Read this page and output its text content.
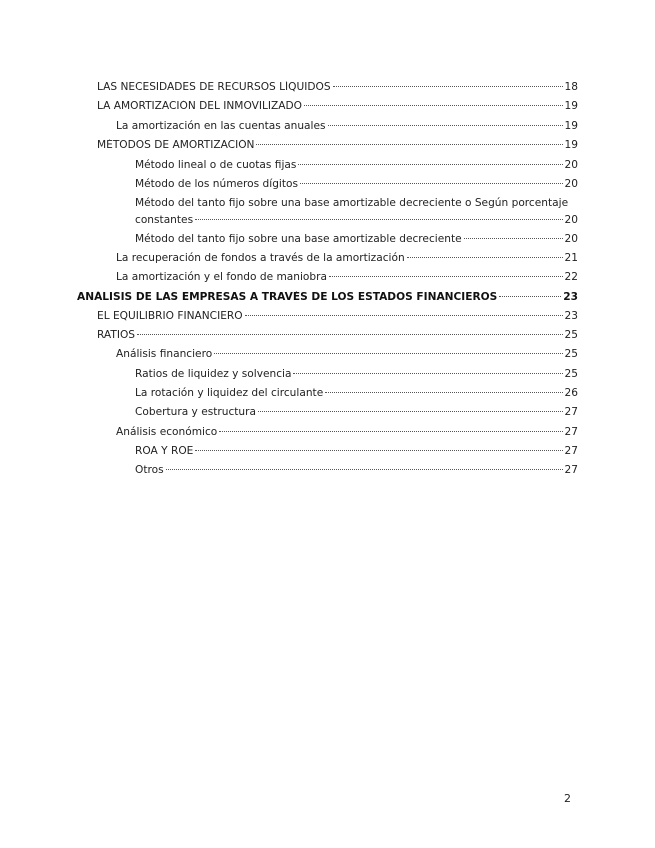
LAS NECESIDADES DE RECURSOS LÍQUIDOS	18
LA AMORTIZACIÓN DEL INMOVILIZADO	19
La amortización en las cuentas anuales	19
MÉTODOS DE AMORTIZACIÓN	19
Método lineal o de cuotas fijas	20
Método de los números dígitos	20
Método del tanto fijo sobre una base amortizable decreciente o Según porcentaje
constantes	20
Método del tanto fijo sobre una base amortizable decreciente	20
La recuperación de fondos a través de la amortización	21
La amortización y el fondo de maniobra	22
ANÁLISIS DE LAS EMPRESAS A TRAVÉS DE LOS ESTADOS FINANCIEROS	23
EL EQUILIBRIO FINANCIERO	23
RATIOS	25
Análisis financiero	25
Ratios de liquidez y solvencia	25
La rotación y liquidez del circulante	26
Cobertura y estructura	27
Análisis económico	27
ROA Y ROE	27
Otros	27
2
